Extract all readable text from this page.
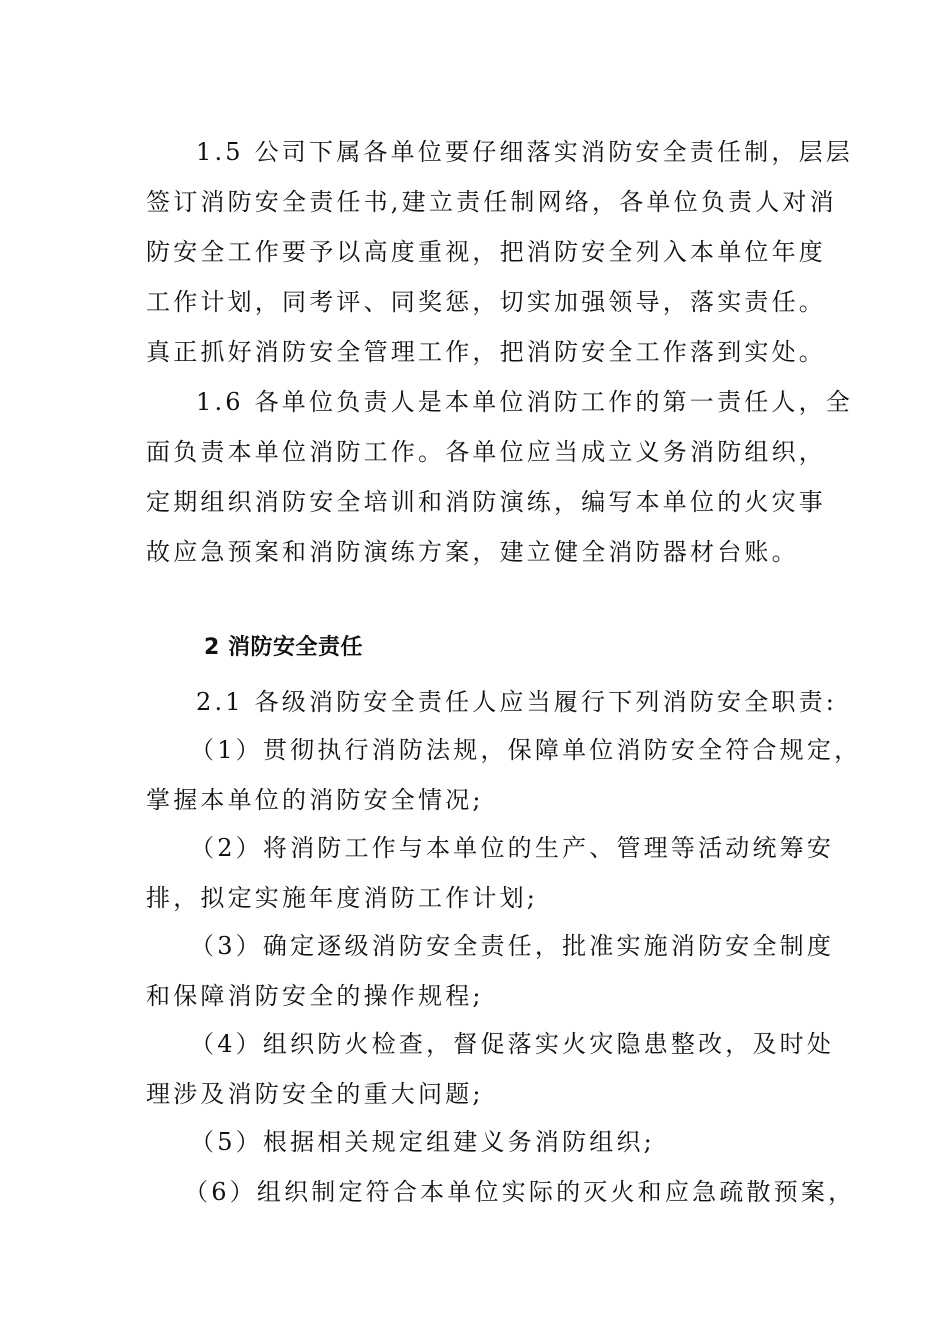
1.5 公司下属各单位要仔细落实消防安全责任制，层层
签订消防安全责任书,建立责任制网络，各单位负责人对消
防安全工作要予以高度重视，把消防安全列入本单位年度
工作计划，同考评、同奖惩，切实加强领导，落实责任。
真正抓好消防安全管理工作，把消防安全工作落到实处。
1.6 各单位负责人是本单位消防工作的第一责任人，全
面负责本单位消防工作。各单位应当成立义务消防组织，
定期组织消防安全培训和消防演练，编写本单位的火灾事
故应急预案和消防演练方案，建立健全消防器材台账。
2 消防安全责任
2.1 各级消防安全责任人应当履行下列消防安全职责:
（1）贯彻执行消防法规，保障单位消防安全符合规定，
掌握本单位的消防安全情况;
（2）将消防工作与本单位的生产、管理等活动统筹安
排，拟定实施年度消防工作计划;
（3）确定逐级消防安全责任，批准实施消防安全制度
和保障消防安全的操作规程;
（4）组织防火检查，督促落实火灾隐患整改，及时处
理涉及消防安全的重大问题;
（5）根据相关规定组建义务消防组织;
（6）组织制定符合本单位实际的灭火和应急疏散预案，
